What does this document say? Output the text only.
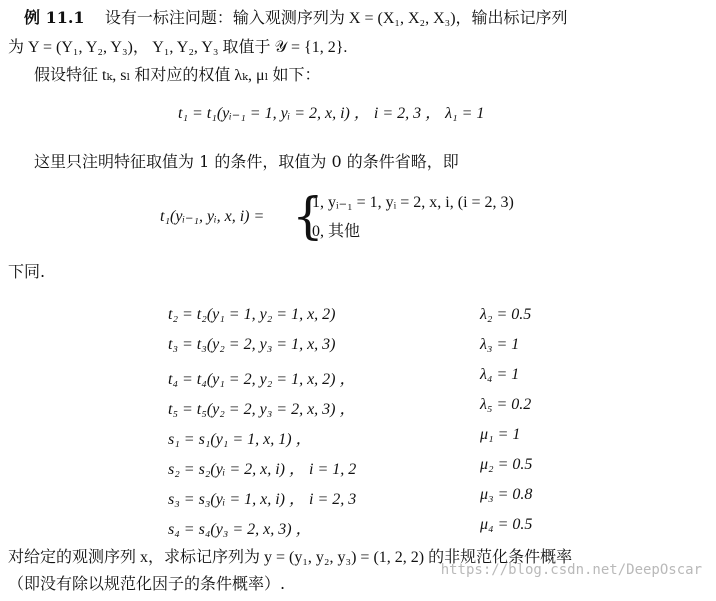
例 11.1 设有一标注问题：输入观测序列为 X = (X₁, X₂, X₃)，输出标记序列
为 Y = (Y₁, Y₂, Y₃)， Y₁, Y₂, Y₃ 取值于 𝒴 = {1, 2}.
假设特征 tₖ, sₗ 和对应的权值 λₖ, μₗ 如下：
t₁ = t₁(yᵢ₋₁ = 1, yᵢ = 2, x, i) ， i = 2, 3 ， λ₁ = 1
这里只注明特征取值为 1 的条件，取值为 0 的条件省略，即
t₁(yᵢ₋₁, yᵢ, x, i) = {
1, yᵢ₋₁ = 1, yᵢ = 2, x, i, (i = 2, 3)
0, 其他
下同.
t₂ = t₂(y₁ = 1, y₂ = 1, x, 2)	λ₂ = 0.5
t₃ = t₃(y₂ = 2, y₃ = 1, x, 3)	λ₃ = 1
t₄ = t₄(y₁ = 2, y₂ = 1, x, 2) ，	λ₄ = 1
t₅ = t₅(y₂ = 2, y₃ = 2, x, 3) ，	λ₅ = 0.2
s₁ = s₁(y₁ = 1, x, 1) ，	μ₁ = 1
s₂ = s₂(yᵢ = 2, x, i) ， i = 1, 2	μ₂ = 0.5
s₃ = s₃(yᵢ = 1, x, i) ， i = 2, 3	μ₃ = 0.8
s₄ = s₄(y₃ = 2, x, 3) ，	μ₄ = 0.5
对给定的观测序列 x，求标记序列为 y = (y₁, y₂, y₃) = (1, 2, 2) 的非规范化条件概率
（即没有除以规范化因子的条件概率）.
https://blog.csdn.net/DeepOscar
